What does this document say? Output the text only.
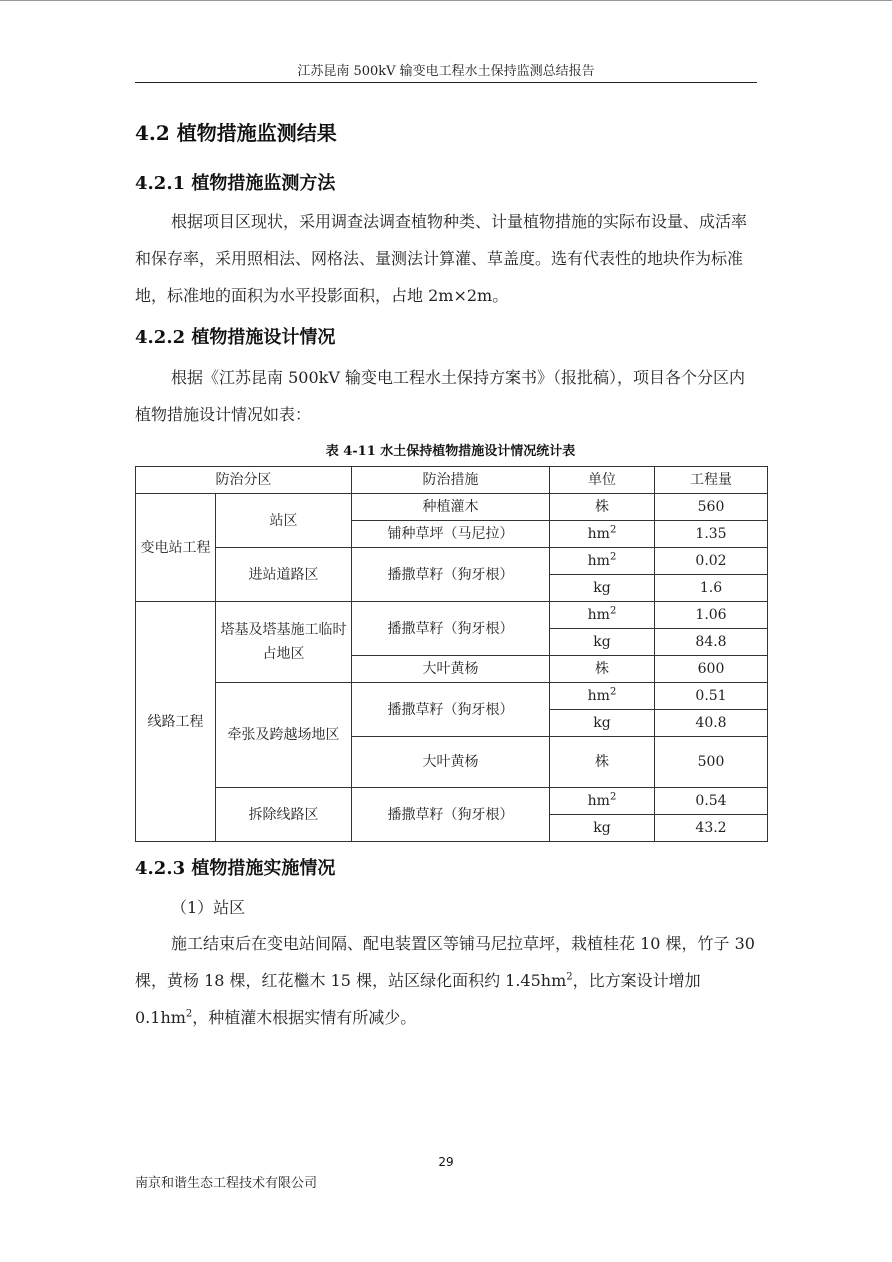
江苏昆南 500kV 输变电工程水土保持监测总结报告
4.2 植物措施监测结果
4.2.1 植物措施监测方法
根据项目区现状，采用调查法调查植物种类、计量植物措施的实际布设量、成活率和保存率，采用照相法、网格法、量测法计算灌、草盖度。选有代表性的地块作为标准地，标准地的面积为水平投影面积，占地 2m×2m。
4.2.2 植物措施设计情况
根据《江苏昆南 500kV 输变电工程水土保持方案书》（报批稿），项目各个分区内植物措施设计情况如表：
表 4-11 水土保持植物措施设计情况统计表
防治分区		防治措施	单位	工程量
变电站工程	站区	种植灌木	株	560
		铺种草坪（马尼拉）	$hm^2$	1.35
	进站道路区	播撒草籽（狗牙根）	$hm^2$	0.02
			kg	1.6
线路工程	塔基及塔基施工临时占地区	播撒草籽（狗牙根）	$hm^2$	1.06
			kg	84.8
		大叶黄杨	株	600
	牵张及跨越场地区	播撒草籽（狗牙根）	$hm^2$	0.51
			kg	40.8
		大叶黄杨	株	500
	拆除线路区	播撒草籽（狗牙根）	$hm^2$	0.54
			kg	43.2
4.2.3 植物措施实施情况
（1）站区
施工结束后在变电站间隔、配电装置区等铺马尼拉草坪，栽植桂花 10 棵，竹子 30 棵，黄杨 18 棵，红花檵木 15 棵，站区绿化面积约 $1.45hm^2$，比方案设计增加 $0.1hm^2$，种植灌木根据实情有所减少。
29
南京和谐生态工程技术有限公司
